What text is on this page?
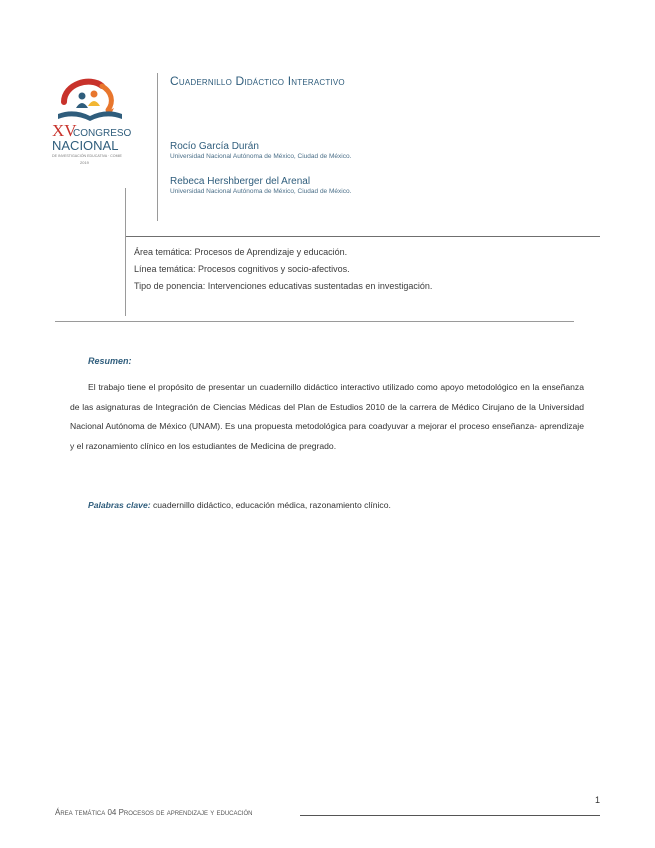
XV
CONGRESO
NACIONAL
DE INVESTIGACIÓN EDUCATIVA · COMIE
2019
Cuadernillo Didáctico Interactivo
Rocío García Durán
Universidad Nacional Autónoma de México, Ciudad de México.
Rebeca Hershberger del Arenal
Universidad Nacional Autónoma de México, Ciudad de México.
Área temática: Procesos de Aprendizaje y educación.
Línea temática: Procesos cognitivos y socio-afectivos.
Tipo de ponencia: Intervenciones educativas sustentadas en investigación.
Resumen:

El trabajo tiene el propósito de presentar un cuadernillo didáctico interactivo utilizado como apoyo metodológico en la enseñanza de las asignaturas de Integración de Ciencias Médicas del Plan de Estudios 2010 de la carrera de Médico Cirujano de la Universidad Nacional Autónoma de México (UNAM). Es una propuesta metodológica para coadyuvar a mejorar el proceso enseñanza- aprendizaje y el razonamiento clínico en los estudiantes de Medicina de pregrado.

Palabras clave: cuadernillo didáctico, educación médica, razonamiento clínico.
1
Área temática 04 Procesos de aprendizaje y educación
